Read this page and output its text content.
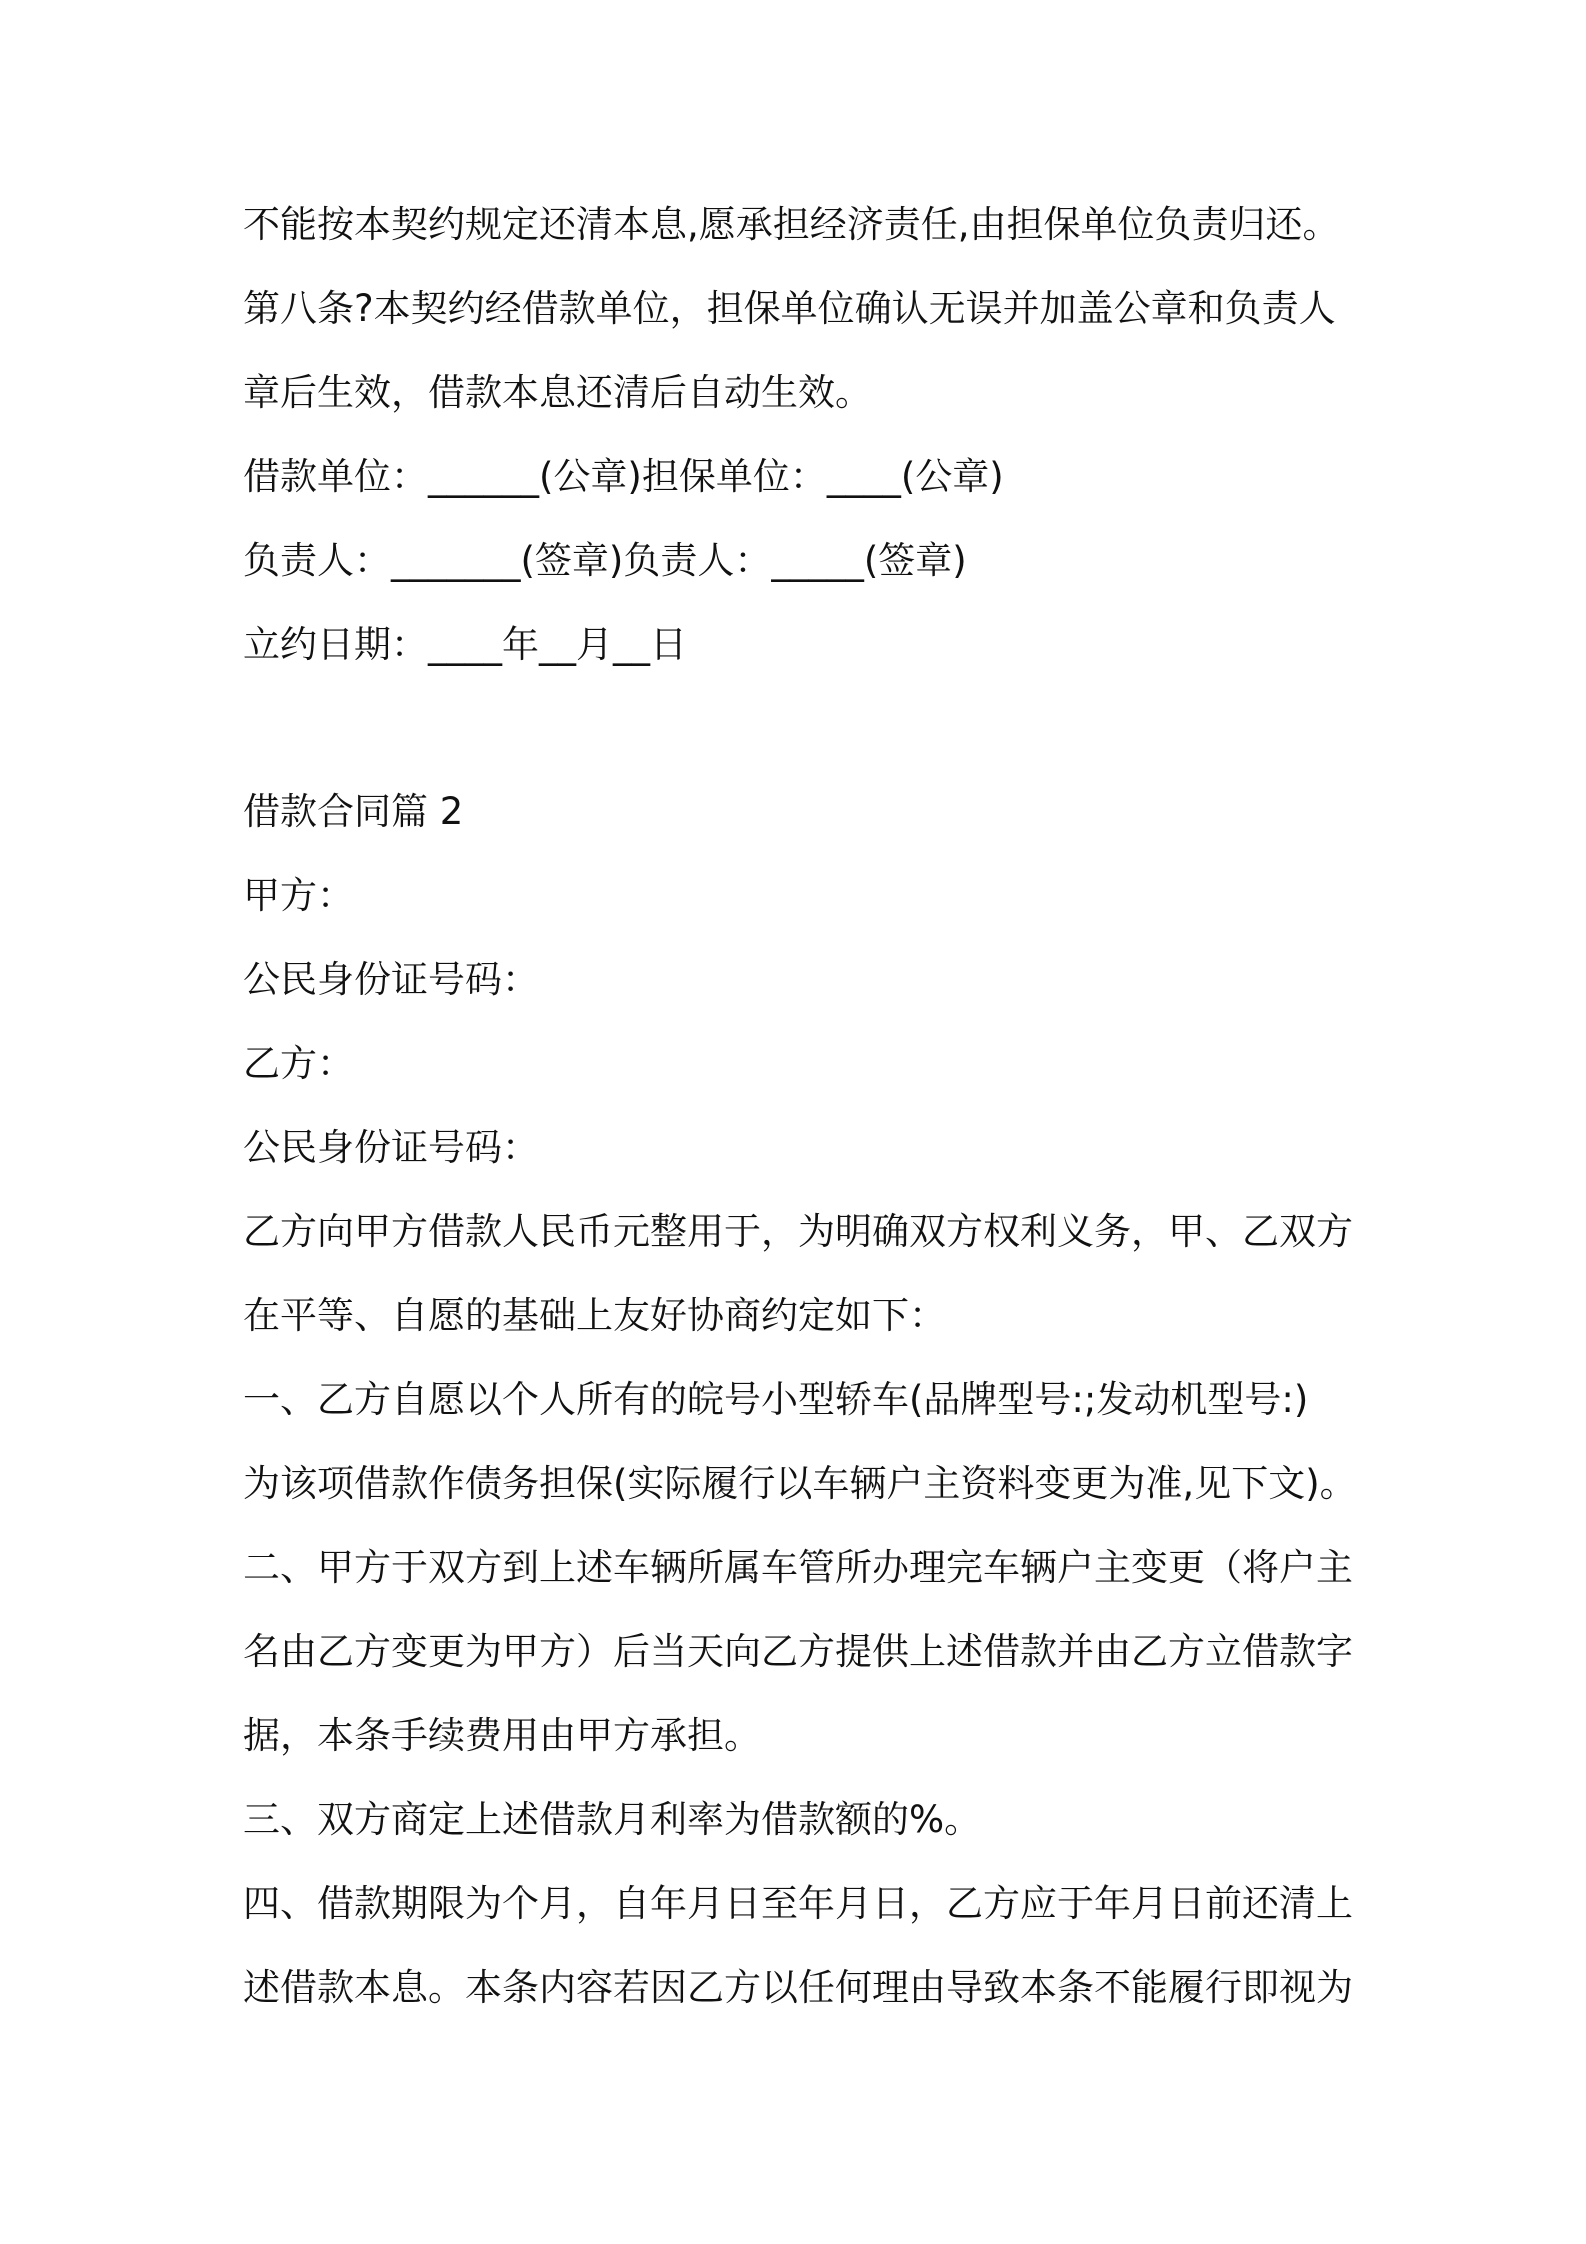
不能按本契约规定还清本息,愿承担经济责任,由担保单位负责归还。
第八条?本契约经借款单位，担保单位确认无误并加盖公章和负责人
章后生效，借款本息还清后自动生效。
借款单位：______(公章)担保单位：____(公章)
负责人：_______(签章)负责人：_____(签章)
立约日期：____年__月__日
借款合同篇 2
甲方：
公民身份证号码：
乙方：
公民身份证号码：
乙方向甲方借款人民币元整用于，为明确双方权利义务，甲、乙双方
在平等、自愿的基础上友好协商约定如下：
一、乙方自愿以个人所有的皖号小型轿车(品牌型号:;发动机型号:)
为该项借款作债务担保(实际履行以车辆户主资料变更为准,见下文)。
二、甲方于双方到上述车辆所属车管所办理完车辆户主变更（将户主
名由乙方变更为甲方）后当天向乙方提供上述借款并由乙方立借款字
据，本条手续费用由甲方承担。
三、双方商定上述借款月利率为借款额的%。
四、借款期限为个月，自年月日至年月日，乙方应于年月日前还清上
述借款本息。本条内容若因乙方以任何理由导致本条不能履行即视为
